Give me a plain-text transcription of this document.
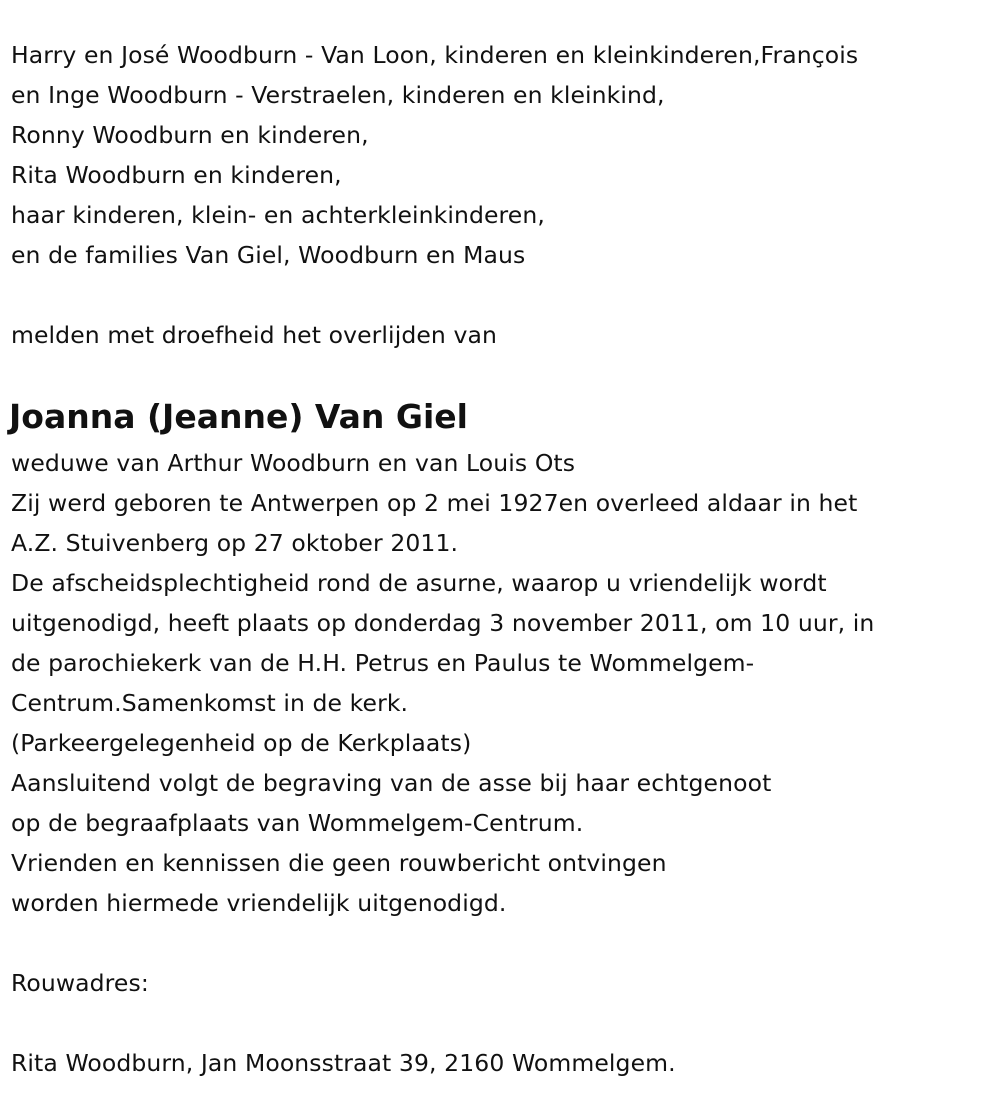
Harry en José Woodburn - Van Loon, kinderen en kleinkinderen,François
en Inge Woodburn - Verstraelen, kinderen en kleinkind,
Ronny Woodburn en kinderen,
Rita Woodburn en kinderen,
haar kinderen, klein- en achterkleinkinderen,
en de families Van Giel, Woodburn en Maus
melden met droefheid het overlijden van
Joanna (Jeanne) Van Giel
weduwe van Arthur Woodburn en van Louis Ots
Zij werd geboren te Antwerpen op 2 mei 1927en overleed aldaar in het
A.Z. Stuivenberg op 27 oktober 2011.
De afscheidsplechtigheid rond de asurne, waarop u vriendelijk wordt
uitgenodigd, heeft plaats op donderdag 3 november 2011, om 10 uur, in
de parochiekerk van de H.H. Petrus en Paulus te Wommelgem-
Centrum.Samenkomst in de kerk.
(Parkeergelegenheid op de Kerkplaats)
Aansluitend volgt de begraving van de asse bij haar echtgenoot
op de begraafplaats van Wommelgem-Centrum.
Vrienden en kennissen die geen rouwbericht ontvingen
worden hiermede vriendelijk uitgenodigd.
Rouwadres:
Rita Woodburn, Jan Moonsstraat 39, 2160 Wommelgem.
